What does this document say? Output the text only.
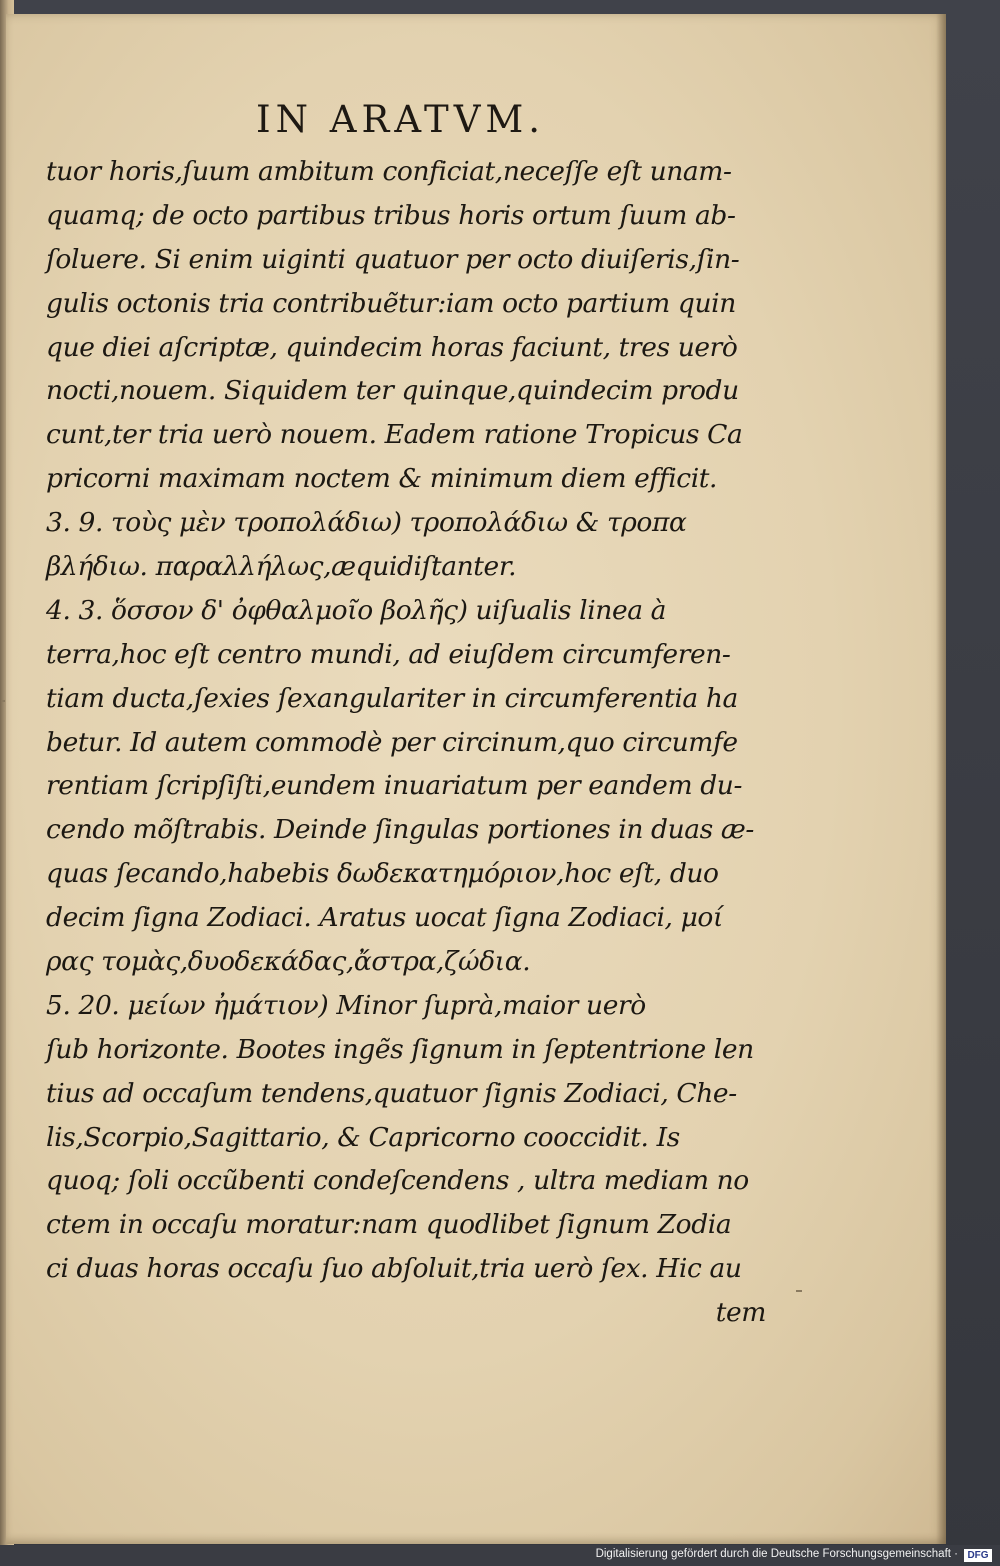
IN ARATVM.
tuor horis,ſuum ambitum conficiat,neceſſe eſt unam-
quamq; de octo partibus tribus horis ortum ſuum ab-
ſoluere. Si enim uiginti quatuor per octo diuiſeris,ſin-
gulis octonis tria contribuẽtur:iam octo partium quin
que diei aſcriptæ, quindecim horas faciunt, tres uerò
nocti,nouem. Siquidem ter quinque,quindecim produ
cunt,ter tria uerò nouem. Eadem ratione Tropicus Ca
pricorni maximam noctem & minimum diem efficit.
3. 9. τοὺς μὲν τροπολάδιω) τροπολάδιω & τροπα
βλήδιω. παραλλήλως,æquidiſtanter.
4. 3. ὅσσον δ' ὀφθαλμοῖο βολῆς) uiſualis linea à
terra,hoc eſt centro mundi, ad eiuſdem circumferen-
tiam ducta,ſexies ſexangulariter in circumferentia ha
betur. Id autem commodè per circinum,quo circumfe
rentiam ſcripſiſti,eundem inuariatum per eandem du-
cendo mõſtrabis. Deinde ſingulas portiones in duas æ-
quas ſecando,habebis δωδεκατημόριον,hoc eſt, duo
decim ſigna Zodiaci. Aratus uocat ſigna Zodiaci, μοί
ρας τομὰς,δυοδεκάδας,ἄστρα,ζώδια.
5. 20. μείων ἠμάτιον) Minor ſuprà,maior uerò
ſub horizonte. Bootes ingẽs ſignum in ſeptentrione len
tius ad occaſum tendens,quatuor ſignis Zodiaci, Che-
lis,Scorpio,Sagittario, & Capricorno cooccidit. Is
quoq; ſoli occũbenti condeſcendens , ultra mediam no
ctem in occaſu moratur:nam quodlibet ſignum Zodia
ci duas horas occaſu ſuo abſoluit,tria uerò ſex. Hic au
tem
Digitalisierung gefördert durch die Deutsche Forschungsgemeinschaft · DFG
